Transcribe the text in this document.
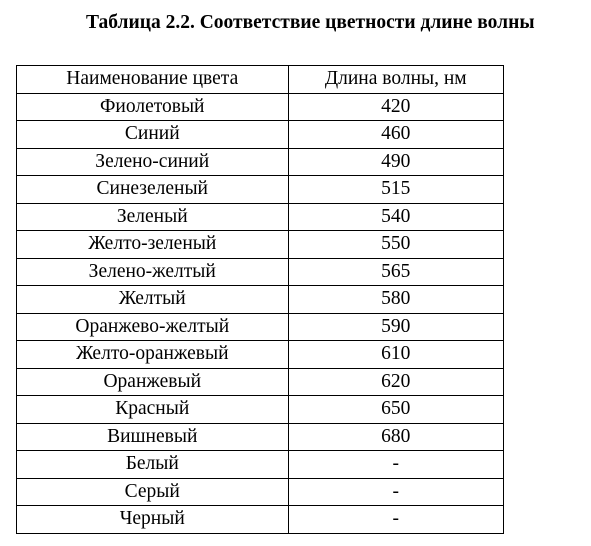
Таблица 2.2. Соответствие цветности длине волны
Наименование цвета	Длина волны, нм
Фиолетовый	420
Синий	460
Зелено-синий	490
Синезеленый	515
Зеленый	540
Желто-зеленый	550
Зелено-желтый	565
Желтый	580
Оранжево-желтый	590
Желто-оранжевый	610
Оранжевый	620
Красный	650
Вишневый	680
Белый	-
Серый	-
Черный	-
